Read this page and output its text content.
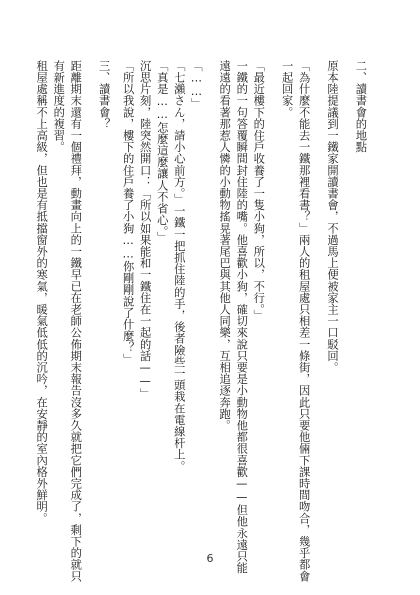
二、讀書會的地點
原本陸提議到一鐵家開讀書會，不過馬上便被家主一口駁回。
「為什麼不能去一鐵那裡看書？」兩人的租屋處只相差一條街，因此只要他倆下課時間吻合，幾乎都會
一起回家。
「最近樓下的住戶收養了一隻小狗，所以，不行。」
一鐵的一句答覆瞬間封住陸的嘴。他喜歡小狗，確切來說只要是小動物他都很喜歡——但他永遠只能
遠遠的看著那惹人憐的小動物搖晃著尾巴與其他人同樂，互相追逐奔跑。
「……」
「七瀨さん，請小心前方。」一鐵一把抓住陸的手，後者險些一頭栽在電線杆上。
「真是……怎麼這麼讓人不省心。」
沉思片刻，陸突然開口：「所以如果能和一鐵住在一起的話——」
「所以我說，樓下的住戶養了小狗……你剛剛說了什麼？」
三、讀書會？
距離期末還有一個禮拜，動畫向上的一鐵早已在老師公佈期末報告沒多久就把它們完成了，剩下的就只
有新進度的複習。
租屋處稱不上高級，但也是有抵擋窗外的寒氣，暖氣低低的沉吟，在安靜的室內格外鮮明。
6
